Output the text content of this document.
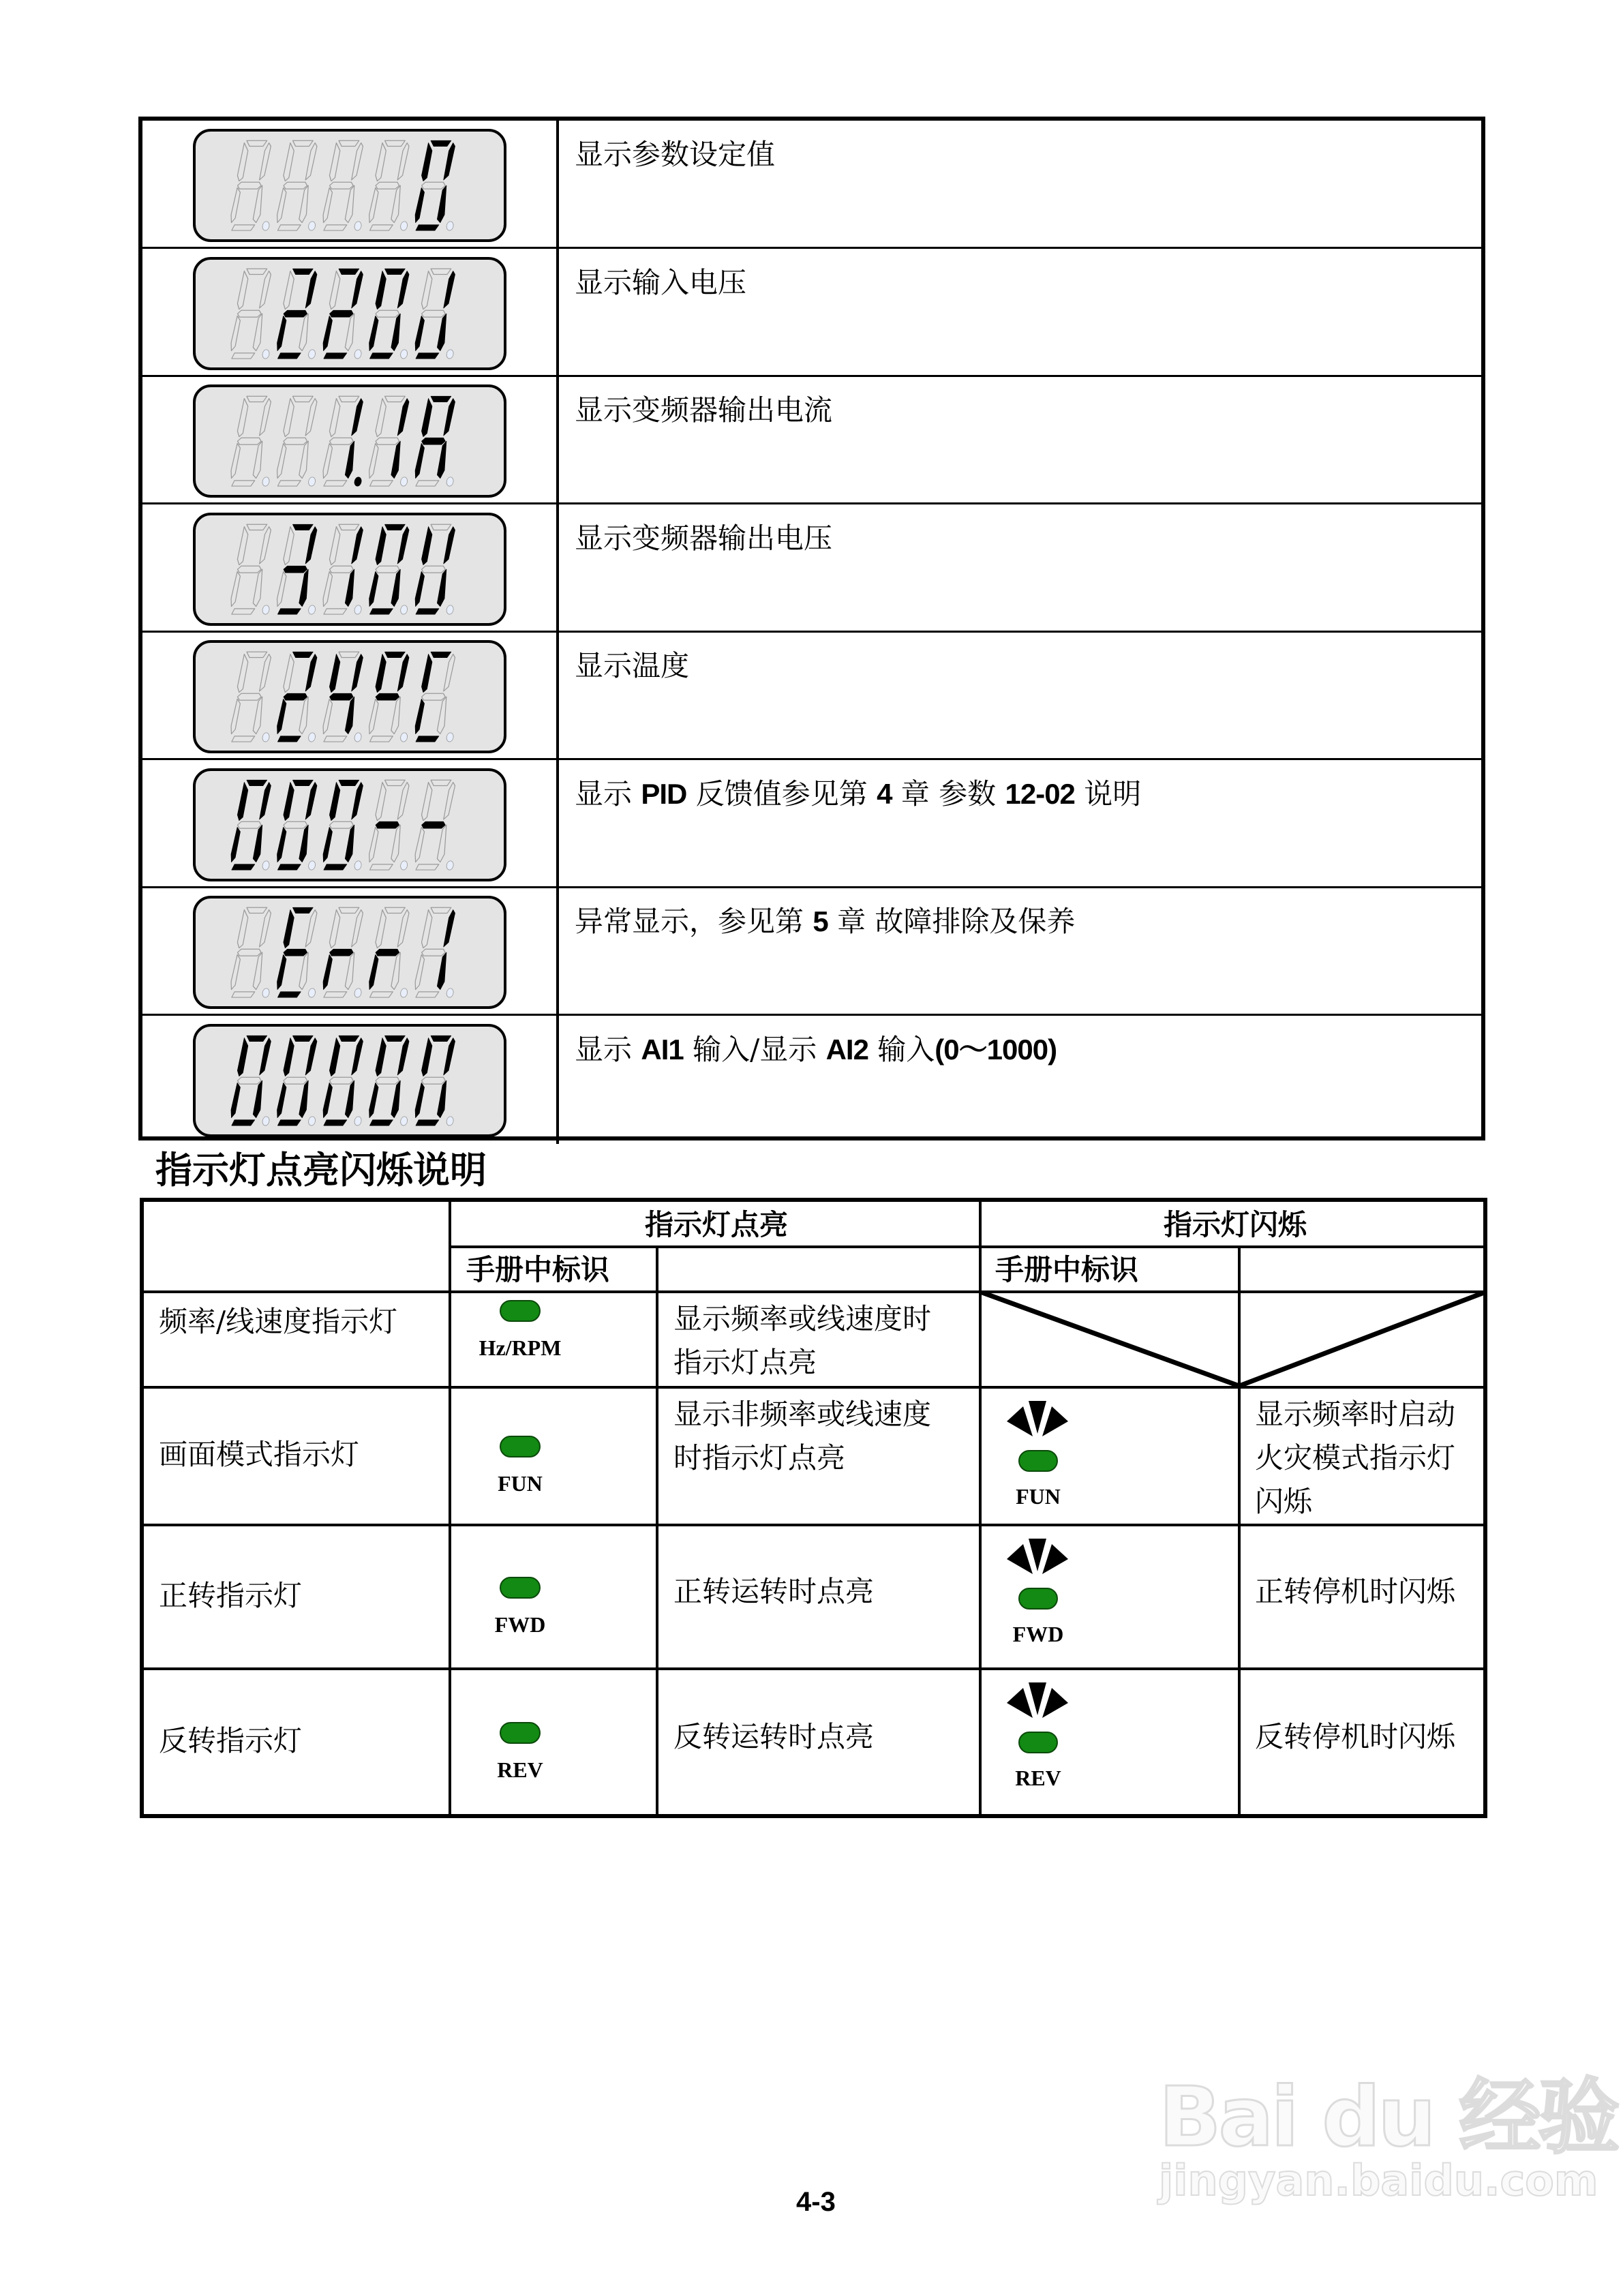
显示参数设定值
显示输入电压
显示变频器输出电流
显示变频器输出电压
显示温度
显示 PID 反馈值参见第 4 章 参数 12-02 说明
异常显示，参见第 5 章 故障排除及保养
显示 AI1 输入/显示 AI2 输入(0～1000)
指示灯点亮闪烁说明
指示灯点亮	指示灯闪烁
手册中标识	手册中标识
频率/线速度指示灯
Hz/RPM
显示频率或线速度时
指示灯点亮
画面模式指示灯
FUN
显示非频率或线速度
时指示灯点亮
FUN
显示频率时启动
火灾模式指示灯
闪烁
正转指示灯
FWD
正转运转时点亮
FWD
正转停机时闪烁
反转指示灯
REV
反转运转时点亮
REV
反转停机时闪烁
4-3
Bai du 经验
jingyan.baidu.com
